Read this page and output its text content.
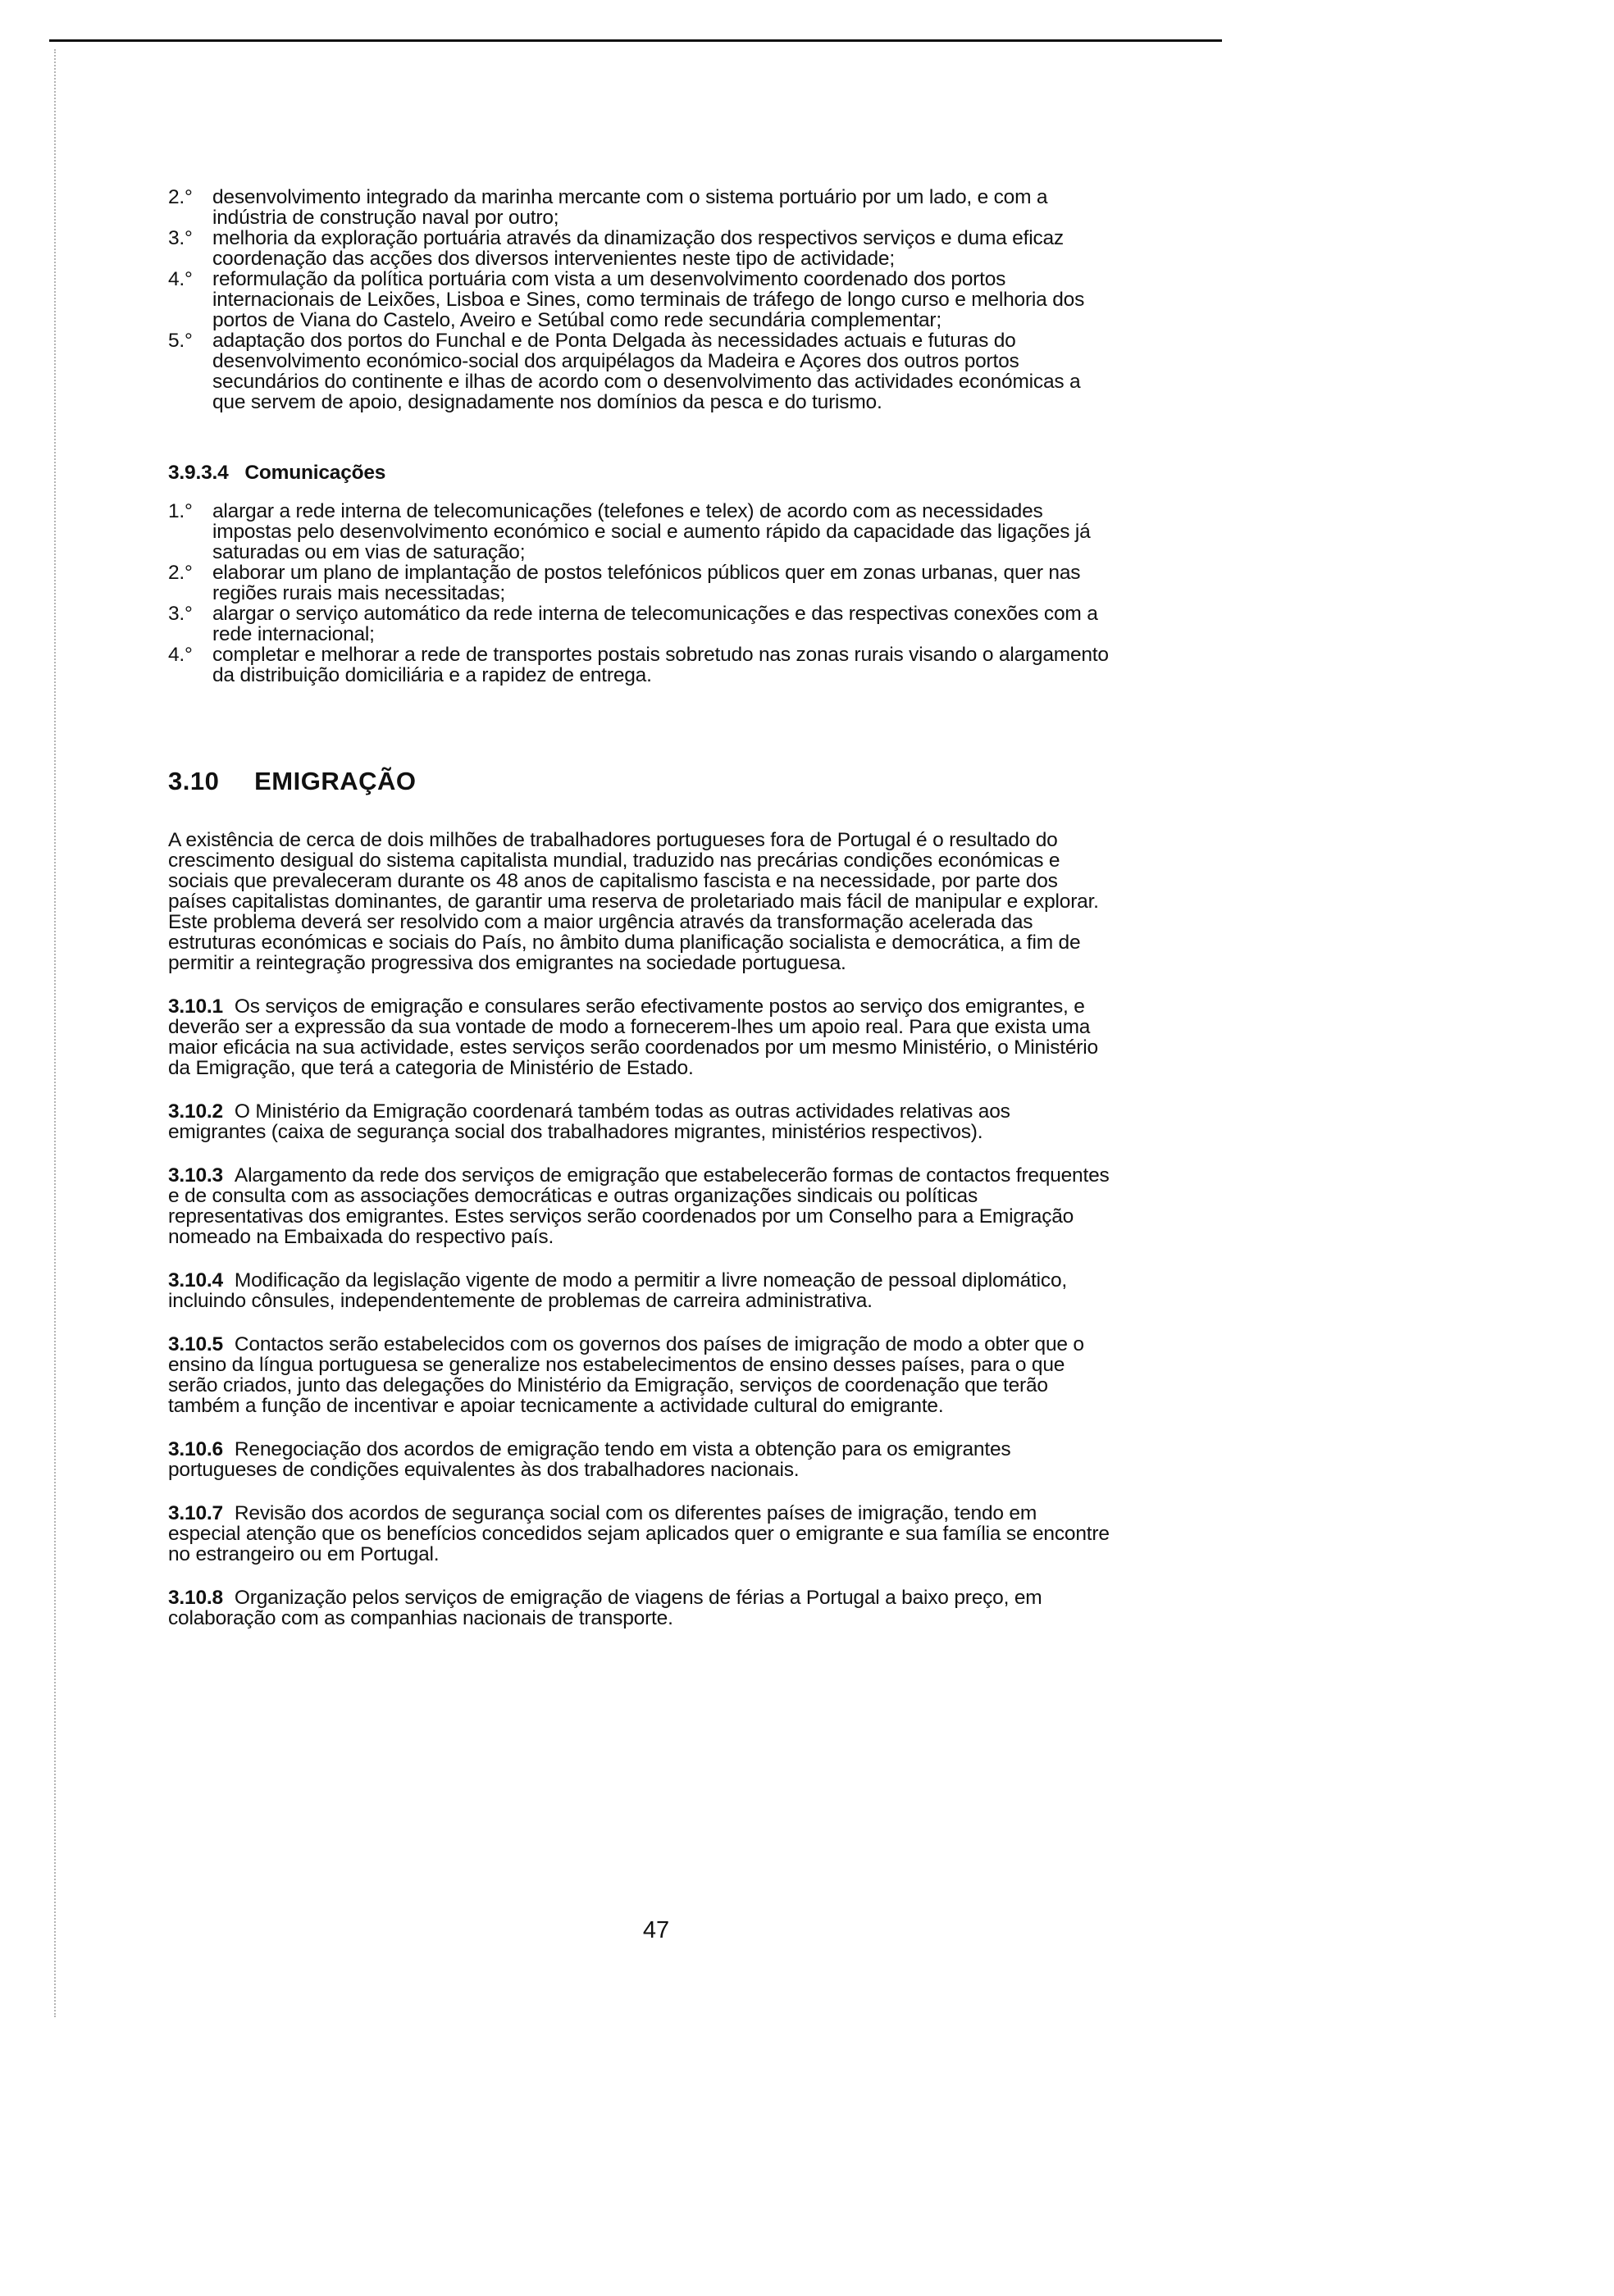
2.° desenvolvimento integrado da marinha mercante com o sistema portuário por um lado, e com a indústria de construção naval por outro;
3.° melhoria da exploração portuária através da dinamização dos respectivos serviços e duma eficaz coordenação das acções dos diversos intervenientes neste tipo de actividade;
4.° reformulação da política portuária com vista a um desenvolvimento coordenado dos portos internacionais de Leixões, Lisboa e Sines, como terminais de tráfego de longo curso e melhoria dos portos de Viana do Castelo, Aveiro e Setúbal como rede secundária complementar;
5.° adaptação dos portos do Funchal e de Ponta Delgada às necessidades actuais e futuras do desenvolvimento económico-social dos arquipélagos da Madeira e Açores dos outros portos secundários do continente e ilhas de acordo com o desenvolvimento das actividades económicas a que servem de apoio, designadamente nos domínios da pesca e do turismo.
3.9.3.4 Comunicações
1.° alargar a rede interna de telecomunicações (telefones e telex) de acordo com as necessidades impostas pelo desenvolvimento económico e social e aumento rápido da capacidade das ligações já saturadas ou em vias de saturação;
2.° elaborar um plano de implantação de postos telefónicos públicos quer em zonas urbanas, quer nas regiões rurais mais necessitadas;
3.° alargar o serviço automático da rede interna de telecomunicações e das respectivas conexões com a rede internacional;
4.° completar e melhorar a rede de transportes postais sobretudo nas zonas rurais visando o alargamento da distribuição domiciliária e a rapidez de entrega.
3.10 EMIGRAÇÃO

A existência de cerca de dois milhões de trabalhadores portugueses fora de Portugal é o resultado do crescimento desigual do sistema capitalista mundial, traduzido nas precárias condições económicas e sociais que prevaleceram durante os 48 anos de capitalismo fascista e na necessidade, por parte dos países capitalistas dominantes, de garantir uma reserva de proletariado mais fácil de manipular e explorar.

Este problema deverá ser resolvido com a maior urgência através da transformação acelerada das estruturas económicas e sociais do País, no âmbito duma planificação socialista e democrática, a fim de permitir a reintegração progressiva dos emigrantes na sociedade portuguesa.

3.10.1 Os serviços de emigração e consulares serão efectivamente postos ao serviço dos emigrantes, e deverão ser a expressão da sua vontade de modo a fornecerem-lhes um apoio real. Para que exista uma maior eficácia na sua actividade, estes serviços serão coordenados por um mesmo Ministério, o Ministério da Emigração, que terá a categoria de Ministério de Estado.

3.10.2 O Ministério da Emigração coordenará também todas as outras actividades relativas aos emigrantes (caixa de segurança social dos trabalhadores migrantes, ministérios respectivos).

3.10.3 Alargamento da rede dos serviços de emigração que estabelecerão formas de contactos frequentes e de consulta com as associações democráticas e outras organizações sindicais ou políticas representativas dos emigrantes. Estes serviços serão coordenados por um Conselho para a Emigração nomeado na Embaixada do respectivo país.

3.10.4 Modificação da legislação vigente de modo a permitir a livre nomeação de pessoal diplomático, incluindo cônsules, independentemente de problemas de carreira administrativa.

3.10.5 Contactos serão estabelecidos com os governos dos países de imigração de modo a obter que o ensino da língua portuguesa se generalize nos estabelecimentos de ensino desses países, para o que serão criados, junto das delegações do Ministério da Emigração, serviços de coordenação que terão também a função de incentivar e apoiar tecnicamente a actividade cultural do emigrante.

3.10.6 Renegociação dos acordos de emigração tendo em vista a obtenção para os emigrantes portugueses de condições equivalentes às dos trabalhadores nacionais.

3.10.7 Revisão dos acordos de segurança social com os diferentes países de imigração, tendo em especial atenção que os benefícios concedidos sejam aplicados quer o emigrante e sua família se encontre no estrangeiro ou em Portugal.

3.10.8 Organização pelos serviços de emigração de viagens de férias a Portugal a baixo preço, em colaboração com as companhias nacionais de transporte.

47
